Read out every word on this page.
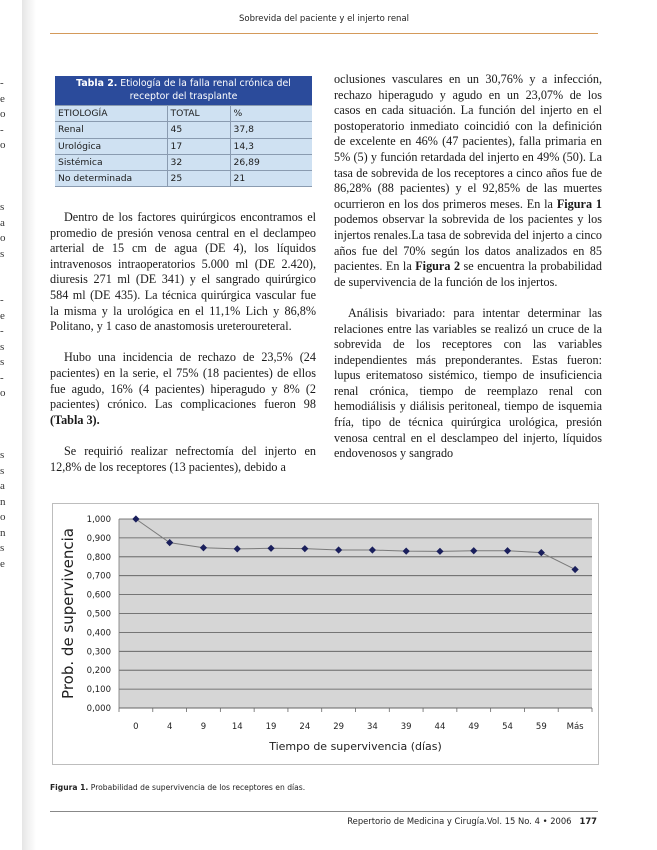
-
e
o
-
o
s
a
o
s
-
e
-
s
s
-
o
s
s
a
n
o
n
s
e
Sobrevida del paciente y el injerto renal
Tabla 2. Etiología de la falla renal crónica del receptor del trasplante		
ETIOLOGÍA	TOTAL	%
Renal	45	37,8
Urológica	17	14,3
Sistémica	32	26,89
No determinada	25	21

Dentro de los factores quirúrgicos encontramos el promedio de presión venosa central en el declampeo arterial de 15 cm de agua (DE 4), los líquidos intravenosos intraoperatorios 5.000 ml (DE 2.420), diuresis 271 ml (DE 341) y el sangrado quirúrgico 584 ml (DE 435). La técnica quirúrgica vascular fue la misma y la urológica en el 11,1% Lich y 86,8% Politano, y 1 caso de anastomosis ureteroureteral.

Hubo una incidencia de rechazo de 23,5% (24 pacientes) en la serie, el 75% (18 pacientes) de ellos fue agudo, 16% (4 pacientes) hiperagudo y 8% (2 pacientes) crónico. Las complicaciones fueron 98 (Tabla 3).

Se requirió realizar nefrectomía del injerto en 12,8% de los receptores (13 pacientes), debido a

oclusiones vasculares en un 30,76% y a infección, rechazo hiperagudo y agudo en un 23,07% de los casos en cada situación. La función del injerto en el postoperatorio inmediato coincidió con la definición de excelente en 46% (47 pacientes), falla primaria en 5% (5) y función retardada del injerto en 49% (50). La tasa de sobrevida de los receptores a cinco años fue de 86,28% (88 pacientes) y el 92,85% de las muertes ocurrieron en los dos primeros meses. En la Figura 1 podemos observar la sobrevida de los pacientes y los injertos renales.La tasa de sobrevida del injerto a cinco años fue del 70% según los datos analizados en 85 pacientes. En la Figura 2 se encuentra la probabilidad de supervivencia de la función de los injertos.

Análisis bivariado: para intentar determinar las relaciones entre las variables se realizó un cruce de la sobrevida de los receptores con las variables independientes más preponderantes. Estas fueron: lupus eritematoso sistémico, tiempo de insuficiencia renal crónica, tiempo de reemplazo renal con hemodiálisis y diálisis peritoneal, tiempo de isquemia fría, tipo de técnica quirúrgica urológica, presión venosa central en el desclampeo del injerto, líquidos endovenosos y sangrado

0,000
0,100
0,200
0,300
0,400
0,500
0,600
0,700
0,800
0,900
1,000
0	4	9	14	19	24	29	34	39	44	49	54	59 Más
Tiempo de supervivencia (días)
Prob. de supervivencia
Figura 1. Probabilidad de supervivencia de los receptores en días.
Repertorio de Medicina y Cirugía.Vol. 15 No. 4 • 2006 177
